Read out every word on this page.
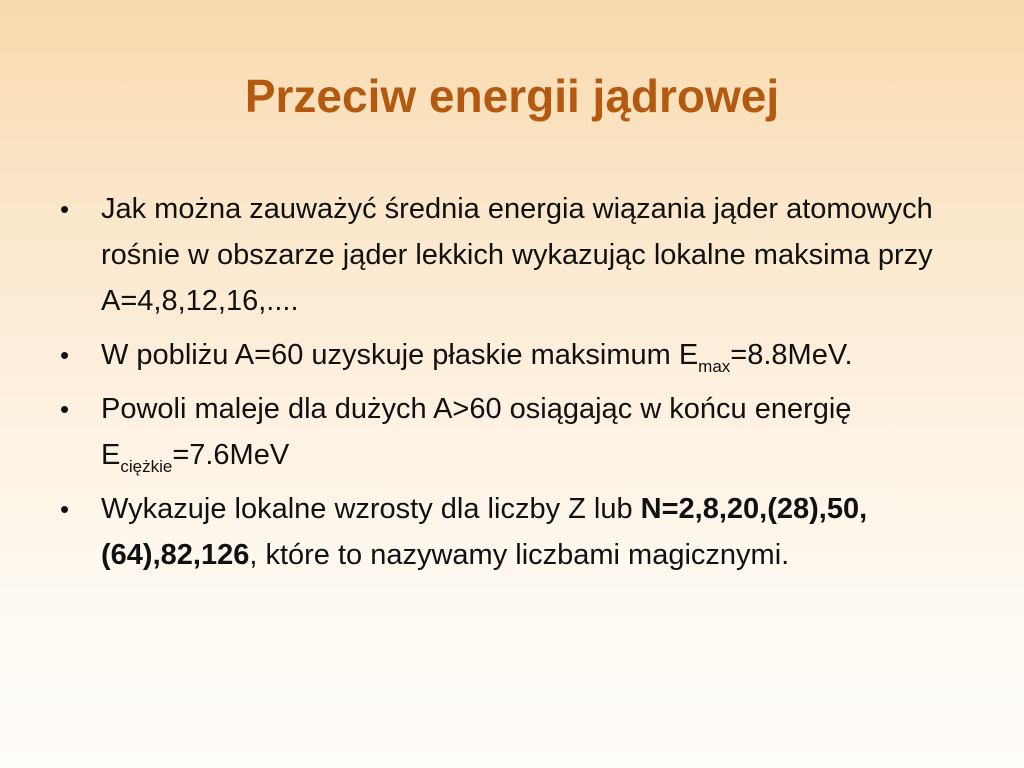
Przeciw energii jądrowej
•	Jak można zauważyć średnia energia wiązania jąder atomowych rośnie w obszarze jąder lekkich wykazując lokalne maksima przy A=4,8,12,16,....
•	W pobliżu A=60 uzyskuje płaskie maksimum $E_{max}=8.8MeV$.
•	Powoli maleje dla dużych A>60 osiągając w końcu energię $E_{ciężkie}=7.6MeV$
•	Wykazuje lokalne wzrosty dla liczby Z lub N=2,8,20,(28),50,(64),82,126, które to nazywamy liczbami magicznymi.
